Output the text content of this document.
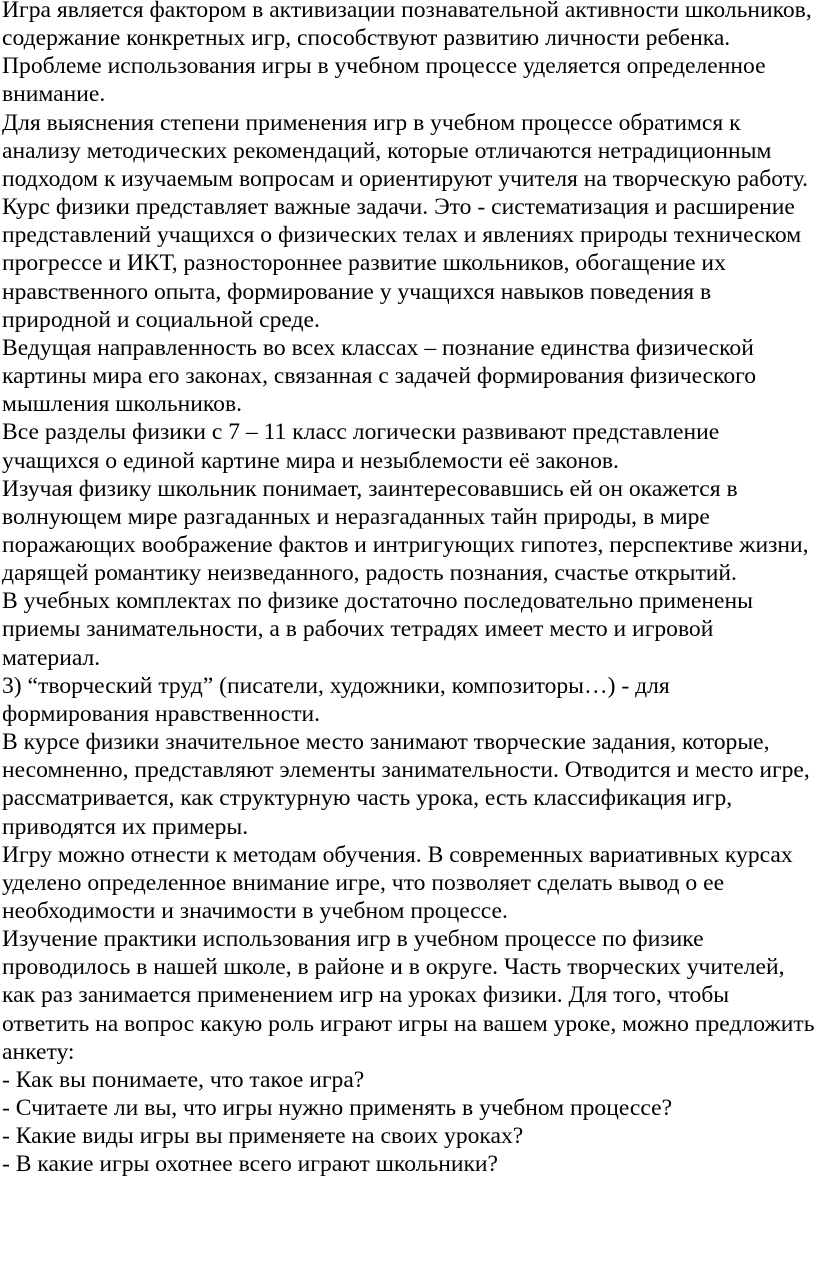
Игра является фактором в активизации познавательной активности школьников, содержание конкретных игр, способствуют развитию личности ребенка.

Проблеме использования игры в учебном процессе уделяется определенное внимание.

Для выяснения степени применения игр в учебном процессе обратимся к анализу методических рекомендаций, которые отличаются нетрадиционным подходом к изучаемым вопросам и ориентируют учителя на творческую работу.

Курс физики представляет важные задачи. Это - систематизация и расширение представлений учащихся о физических телах и явлениях природы техническом прогрессе и ИКТ, разностороннее развитие школьников, обогащение их нравственного опыта, формирование у учащихся навыков поведения в природной и социальной среде.

Ведущая направленность во всех классах – познание единства физической картины мира его законах, связанная с задачей формирования физического мышления школьников.

Все разделы физики с 7 – 11 класс логически развивают представление учащихся о единой картине мира и незыблемости её законов.

Изучая физику школьник понимает, заинтересовавшись ей он окажется в волнующем мире разгаданных и неразгаданных тайн природы, в мире поражающих воображение фактов и интригующих гипотез, перспективе жизни, дарящей романтику неизведанного, радость познания, счастье открытий.

В учебных комплектах по физике достаточно последовательно применены приемы занимательности, а в рабочих тетрадях имеет место и игровой материал.

3) “творческий труд” (писатели, художники, композиторы…) - для формирования нравственности.

В курсе физики значительное место занимают творческие задания, которые, несомненно, представляют элементы занимательности. Отводится и место игре, рассматривается, как структурную часть урока, есть классификация игр, приводятся их примеры.

Игру можно отнести к методам обучения. В современных вариативных курсах уделено определенное внимание игре, что позволяет сделать вывод о ее необходимости и значимости в учебном процессе.

Изучение практики использования игр в учебном процессе по физике проводилось в нашей школе, в районе и в округе. Часть творческих учителей, как раз занимается применением игр на уроках физики. Для того, чтобы ответить на вопрос какую роль играют игры на вашем уроке, можно предложить анкету:

- Как вы понимаете, что такое игра?

- Считаете ли вы, что игры нужно применять в учебном процессе?

- Какие виды игры вы применяете на своих уроках?

- В какие игры охотнее всего играют школьники?
